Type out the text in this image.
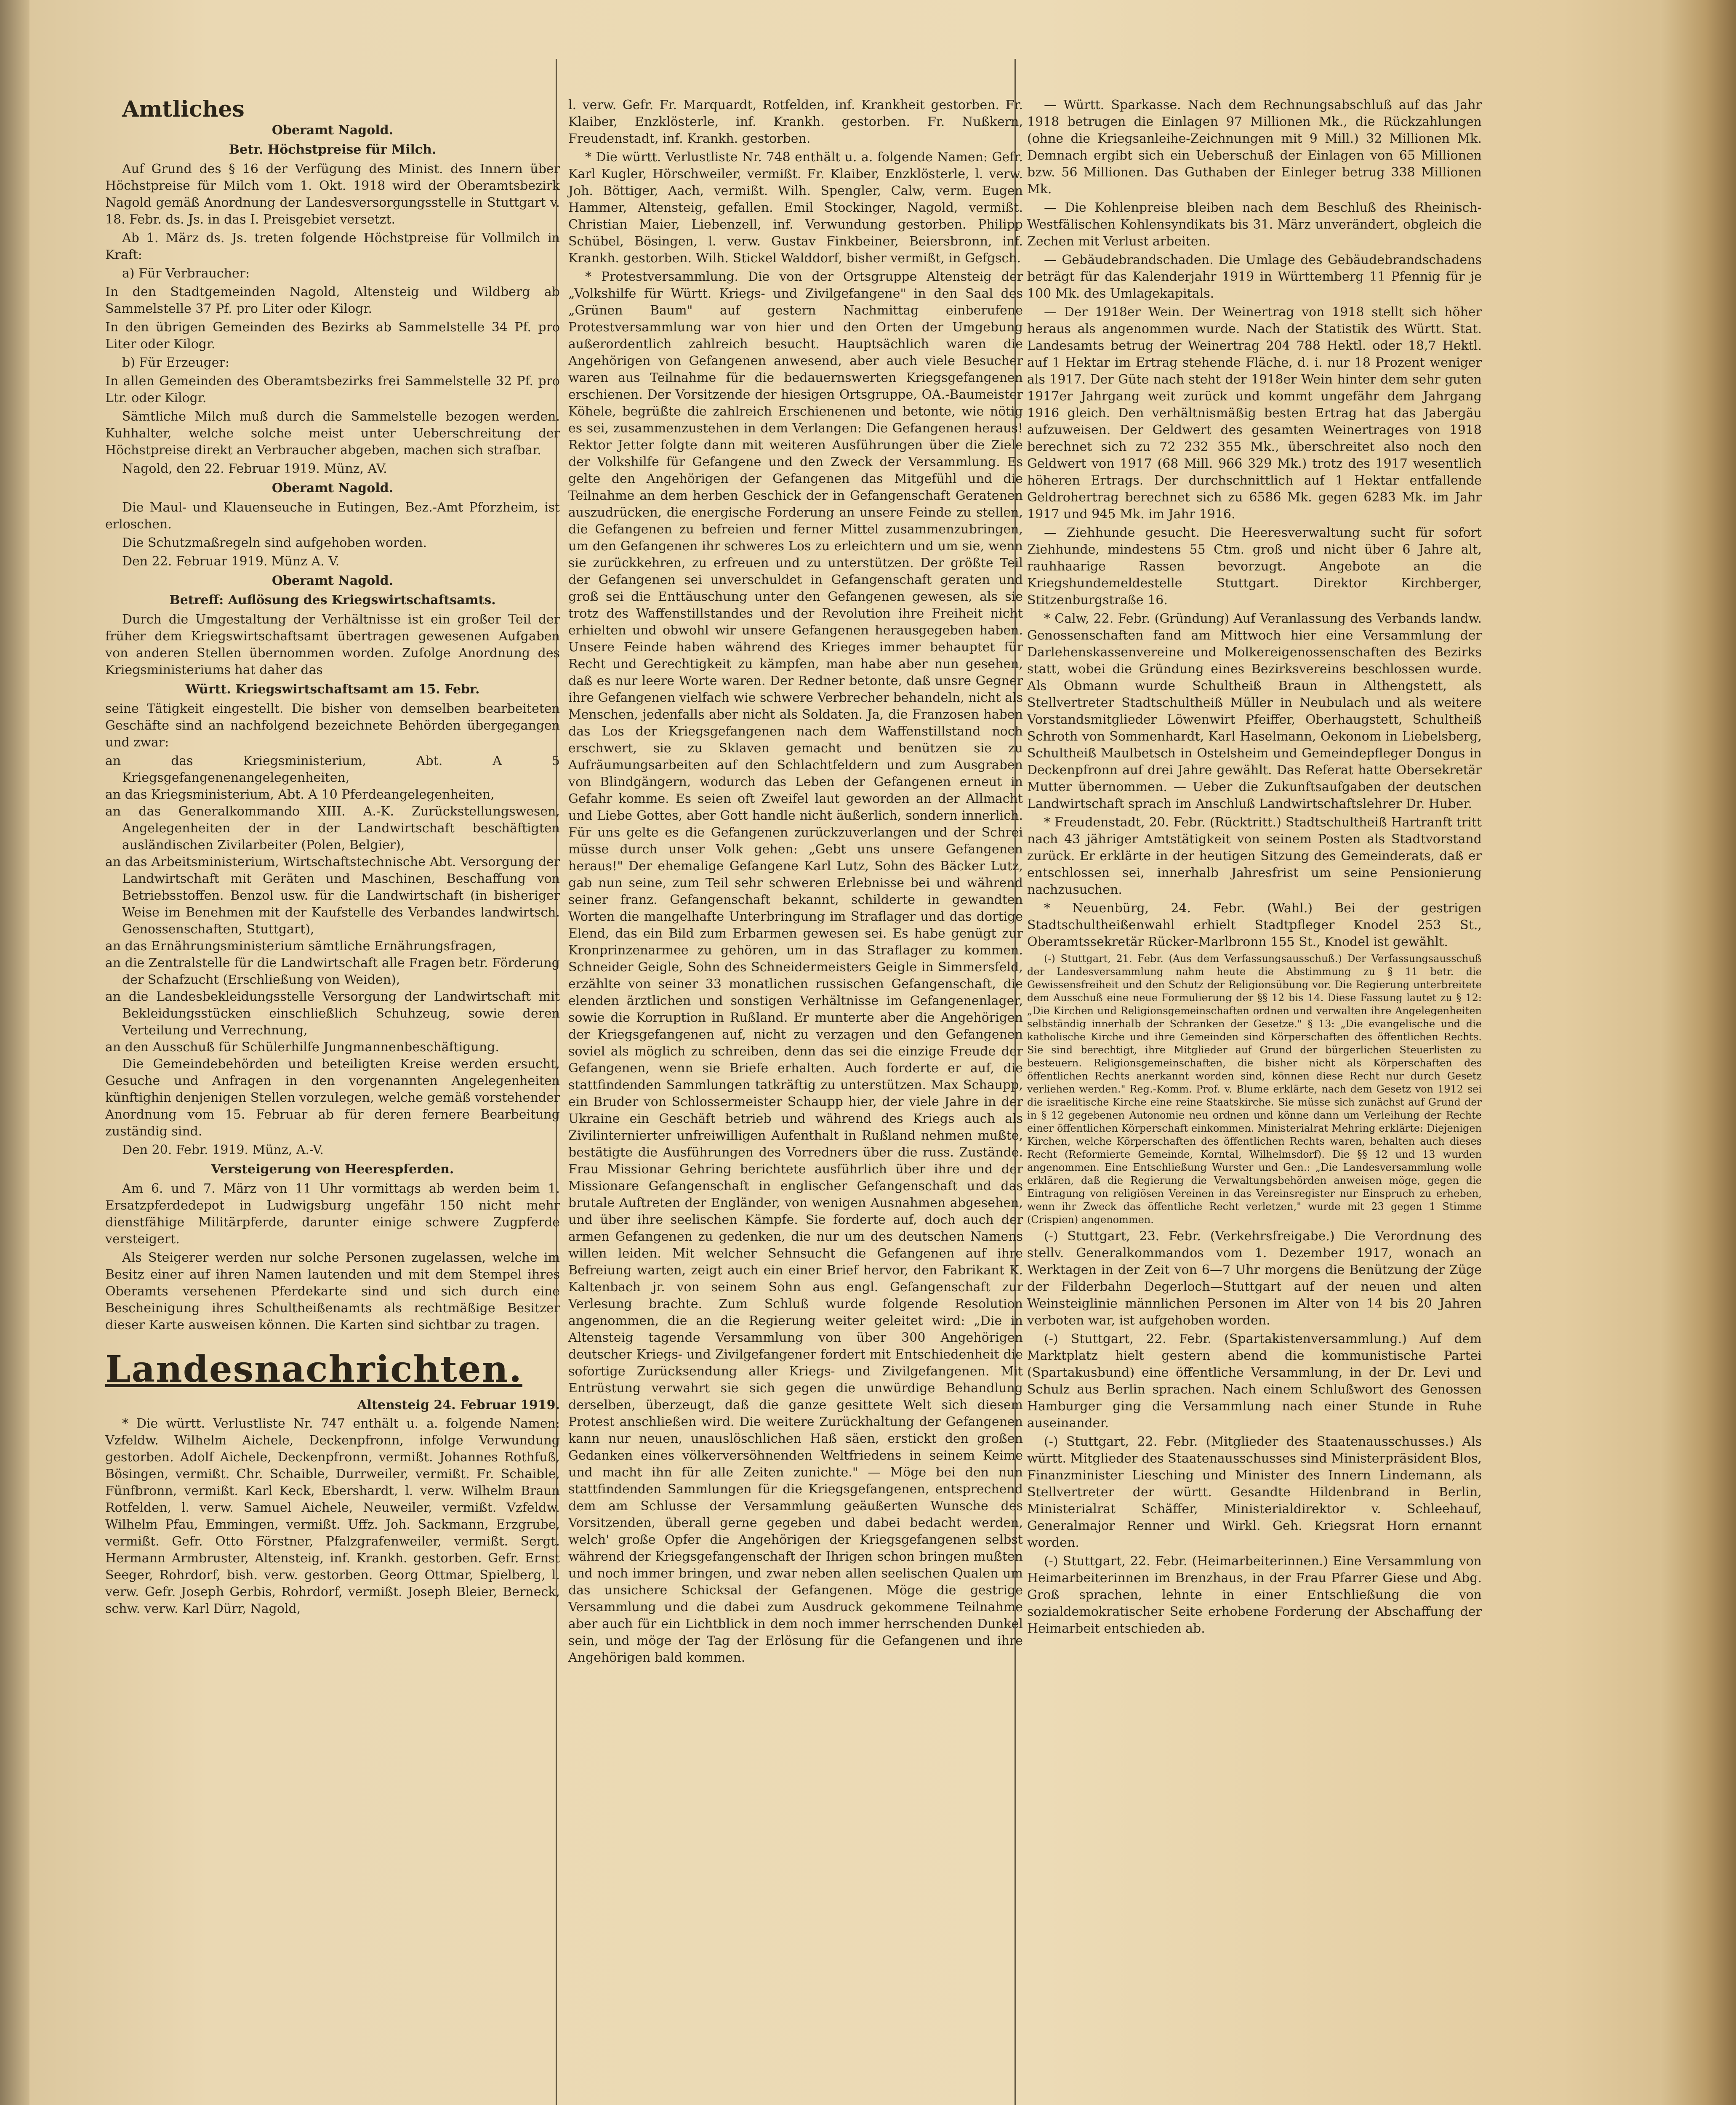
Amtliches
Oberamt Nagold.
Betr. Höchstpreise für Milch.

Auf Grund des § 16 der Verfügung des Minist. des Innern über Höchstpreise für Milch vom 1. Okt. 1918 wird der Oberamtsbezirk Nagold gemäß Anordnung der Landesversorgungsstelle in Stuttgart v. 18. Febr. ds. Js. in das I. Preisgebiet versetzt.

Ab 1. März ds. Js. treten folgende Höchstpreise für Vollmilch in Kraft:

a) Für Verbraucher:

In den Stadtgemeinden Nagold, Altensteig und Wildberg ab Sammelstelle 37 Pf. pro Liter oder Kilogr.

In den übrigen Gemeinden des Bezirks ab Sammelstelle 34 Pf. pro Liter oder Kilogr.

b) Für Erzeuger:

In allen Gemeinden des Oberamtsbezirks frei Sammelstelle 32 Pf. pro Ltr. oder Kilogr.

Sämtliche Milch muß durch die Sammelstelle bezogen werden. Kuhhalter, welche solche meist unter Ueberschreitung der Höchstpreise direkt an Verbraucher abgeben, machen sich strafbar.

Nagold, den 22. Februar 1919. Münz, AV.

Oberamt Nagold.

Die Maul- und Klauenseuche in Eutingen, Bez.-Amt Pforzheim, ist erloschen.

Die Schutzmaßregeln sind aufgehoben worden.

Den 22. Februar 1919. Münz A. V.

Oberamt Nagold.
Betreff: Auflösung des Kriegswirtschaftsamts.

Durch die Umgestaltung der Verhältnisse ist ein großer Teil der früher dem Kriegswirtschaftsamt übertragen gewesenen Aufgaben von anderen Stellen übernommen worden. Zufolge Anordnung des Kriegsministeriums hat daher das

Württ. Kriegswirtschaftsamt am 15. Febr.

seine Tätigkeit eingestellt. Die bisher von demselben bearbeiteten Geschäfte sind an nachfolgend bezeichnete Behörden übergegangen und zwar:

an das Kriegsministerium, Abt. A 5 Kriegsgefangenenangelegenheiten,

an das Kriegsministerium, Abt. A 10 Pferdeangelegenheiten,

an das Generalkommando XIII. A.-K. Zurückstellungswesen, Angelegenheiten der in der Landwirtschaft beschäftigten ausländischen Zivilarbeiter (Polen, Belgier),

an das Arbeitsministerium, Wirtschaftstechnische Abt. Versorgung der Landwirtschaft mit Geräten und Maschinen, Beschaffung von Betriebsstoffen. Benzol usw. für die Landwirtschaft (in bisheriger Weise im Benehmen mit der Kaufstelle des Verbandes landwirtsch. Genossenschaften, Stuttgart),

an das Ernährungsministerium sämtliche Ernährungsfragen,

an die Zentralstelle für die Landwirtschaft alle Fragen betr. Förderung der Schafzucht (Erschließung von Weiden),

an die Landesbekleidungsstelle Versorgung der Landwirtschaft mit Bekleidungsstücken einschließlich Schuhzeug, sowie deren Verteilung und Verrechnung,

an den Ausschuß für Schülerhilfe Jungmannenbeschäftigung.

Die Gemeindebehörden und beteiligten Kreise werden ersucht, Gesuche und Anfragen in den vorgenannten Angelegenheiten künftighin denjenigen Stellen vorzulegen, welche gemäß vorstehender Anordnung vom 15. Februar ab für deren fernere Bearbeitung zuständig sind.

Den 20. Febr. 1919. Münz, A.-V.

Versteigerung von Heerespferden.

Am 6. und 7. März von 11 Uhr vormittags ab werden beim 1. Ersatzpferdedepot in Ludwigsburg ungefähr 150 nicht mehr dienstfähige Militärpferde, darunter einige schwere Zugpferde versteigert.

Als Steigerer werden nur solche Personen zugelassen, welche im Besitz einer auf ihren Namen lautenden und mit dem Stempel ihres Oberamts versehenen Pferdekarte sind und sich durch eine Bescheinigung ihres Schultheißenamts als rechtmäßige Besitzer dieser Karte ausweisen können. Die Karten sind sichtbar zu tragen.

Landesnachrichten.
Altensteig 24. Februar 1919.

* Die württ. Verlustliste Nr. 747 enthält u. a. folgende Namen: Vzfeldw. Wilhelm Aichele, Deckenpfronn, infolge Verwundung gestorben. Adolf Aichele, Deckenpfronn, vermißt. Johannes Rothfuß, Bösingen, vermißt. Chr. Schaible, Durrweiler, vermißt. Fr. Schaible, Fünfbronn, vermißt. Karl Keck, Ebershardt, l. verw. Wilhelm Braun Rotfelden, l. verw. Samuel Aichele, Neuweiler, vermißt. Vzfeldw. Wilhelm Pfau, Emmingen, vermißt. Uffz. Joh. Sackmann, Erzgrube, vermißt. Gefr. Otto Förstner, Pfalzgrafenweiler, vermißt. Sergt. Hermann Armbruster, Altensteig, inf. Krankh. gestorben. Gefr. Ernst Seeger, Rohrdorf, bish. verw. gestorben. Georg Ottmar, Spielberg, l. verw. Gefr. Joseph Gerbis, Rohrdorf, vermißt. Joseph Bleier, Berneck, schw. verw. Karl Dürr, Nagold,

l. verw. Gefr. Fr. Marquardt, Rotfelden, inf. Krankheit gestorben. Fr. Klaiber, Enzklösterle, inf. Krankh. gestorben. Fr. Nußkern, Freudenstadt, inf. Krankh. gestorben.

* Die württ. Verlustliste Nr. 748 enthält u. a. folgende Namen: Gefr. Karl Kugler, Hörschweiler, vermißt. Fr. Klaiber, Enzklösterle, l. verw. Joh. Böttiger, Aach, vermißt. Wilh. Spengler, Calw, verm. Eugen Hammer, Altensteig, gefallen. Emil Stockinger, Nagold, vermißt. Christian Maier, Liebenzell, inf. Verwundung gestorben. Philipp Schübel, Bösingen, l. verw. Gustav Finkbeiner, Beiersbronn, inf. Krankh. gestorben. Wilh. Stickel Walddorf, bisher vermißt, in Gefgsch.

* Protestversammlung. Die von der Ortsgruppe Altensteig der „Volkshilfe für Württ. Kriegs- und Zivilgefangene" in den Saal des „Grünen Baum" auf gestern Nachmittag einberufene Protestversammlung war von hier und den Orten der Umgebung außerordentlich zahlreich besucht. Hauptsächlich waren die Angehörigen von Gefangenen anwesend, aber auch viele Besucher waren aus Teilnahme für die bedauernswerten Kriegsgefangenen erschienen. Der Vorsitzende der hiesigen Ortsgruppe, OA.-Baumeister Köhele, begrüßte die zahlreich Erschienenen und betonte, wie nötig es sei, zusammenzustehen in dem Verlangen: Die Gefangenen heraus! Rektor Jetter folgte dann mit weiteren Ausführungen über die Ziele der Volkshilfe für Gefangene und den Zweck der Versammlung. Es gelte den Angehörigen der Gefangenen das Mitgefühl und die Teilnahme an dem herben Geschick der in Gefangenschaft Geratenen auszudrücken, die energische Forderung an unsere Feinde zu stellen, die Gefangenen zu befreien und ferner Mittel zusammenzubringen, um den Gefangenen ihr schweres Los zu erleichtern und um sie, wenn sie zurückkehren, zu erfreuen und zu unterstützen. Der größte Teil der Gefangenen sei unverschuldet in Gefangenschaft geraten und groß sei die Enttäuschung unter den Gefangenen gewesen, als sie trotz des Waffenstillstandes und der Revolution ihre Freiheit nicht erhielten und obwohl wir unsere Gefangenen herausgegeben haben. Unsere Feinde haben während des Krieges immer behauptet für Recht und Gerechtigkeit zu kämpfen, man habe aber nun gesehen, daß es nur leere Worte waren. Der Redner betonte, daß unsre Gegner ihre Gefangenen vielfach wie schwere Verbrecher behandeln, nicht als Menschen, jedenfalls aber nicht als Soldaten. Ja, die Franzosen haben das Los der Kriegsgefangenen nach dem Waffenstillstand noch erschwert, sie zu Sklaven gemacht und benützen sie zu Aufräumungsarbeiten auf den Schlachtfeldern und zum Ausgraben von Blindgängern, wodurch das Leben der Gefangenen erneut in Gefahr komme. Es seien oft Zweifel laut geworden an der Allmacht und Liebe Gottes, aber Gott handle nicht äußerlich, sondern innerlich. Für uns gelte es die Gefangenen zurückzuverlangen und der Schrei müsse durch unser Volk gehen: „Gebt uns unsere Gefangenen heraus!" Der ehemalige Gefangene Karl Lutz, Sohn des Bäcker Lutz, gab nun seine, zum Teil sehr schweren Erlebnisse bei und während seiner franz. Gefangenschaft bekannt, schilderte in gewandten Worten die mangelhafte Unterbringung im Straflager und das dortige Elend, das ein Bild zum Erbarmen gewesen sei. Es habe genügt zur Kronprinzenarmee zu gehören, um in das Straflager zu kommen. Schneider Geigle, Sohn des Schneidermeisters Geigle in Simmersfeld, erzählte von seiner 33 monatlichen russischen Gefangenschaft, die elenden ärztlichen und sonstigen Verhältnisse im Gefangenenlager, sowie die Korruption in Rußland. Er munterte aber die Angehörigen der Kriegsgefangenen auf, nicht zu verzagen und den Gefangenen soviel als möglich zu schreiben, denn das sei die einzige Freude der Gefangenen, wenn sie Briefe erhalten. Auch forderte er auf, die stattfindenden Sammlungen tatkräftig zu unterstützen. Max Schaupp, ein Bruder von Schlossermeister Schaupp hier, der viele Jahre in der Ukraine ein Geschäft betrieb und während des Kriegs auch als Zivilinternierter unfreiwilligen Aufenthalt in Rußland nehmen mußte, bestätigte die Ausführungen des Vorredners über die russ. Zustände. Frau Missionar Gehring berichtete ausführlich über ihre und der Missionare Gefangenschaft in englischer Gefangenschaft und das brutale Auftreten der Engländer, von wenigen Ausnahmen abgesehen, und über ihre seelischen Kämpfe. Sie forderte auf, doch auch der armen Gefangenen zu gedenken, die nur um des deutschen Namens willen leiden. Mit welcher Sehnsucht die Gefangenen auf ihre Befreiung warten, zeigt auch ein einer Brief hervor, den Fabrikant K. Kaltenbach jr. von seinem Sohn aus engl. Gefangenschaft zur Verlesung brachte. Zum Schluß wurde folgende Resolution angenommen, die an die Regierung weiter geleitet wird: „Die in Altensteig tagende Versammlung von über 300 Angehörigen deutscher Kriegs- und Zivilgefangener fordert mit Entschiedenheit die sofortige Zurücksendung aller Kriegs- und Zivilgefangenen. Mit Entrüstung verwahrt sie sich gegen die unwürdige Behandlung derselben, überzeugt, daß die ganze gesittete Welt sich diesem Protest anschließen wird. Die weitere Zurückhaltung der Gefangenen kann nur neuen, unauslöschlichen Haß säen, erstickt den großen Gedanken eines völkerversöhnenden Weltfriedens in seinem Keime und macht ihn für alle Zeiten zunichte." — Möge bei den nun stattfindenden Sammlungen für die Kriegsgefangenen, entsprechend dem am Schlusse der Versammlung geäußerten Wunsche des Vorsitzenden, überall gerne gegeben und dabei bedacht werden, welch' große Opfer die Angehörigen der Kriegsgefangenen selbst während der Kriegsgefangenschaft der Ihrigen schon bringen mußten und noch immer bringen, und zwar neben allen seelischen Qualen um das unsichere Schicksal der Gefangenen. Möge die gestrige Versammlung und die dabei zum Ausdruck gekommene Teilnahme aber auch für ein Lichtblick in dem noch immer herrschenden Dunkel sein, und möge der Tag der Erlösung für die Gefangenen und ihre Angehörigen bald kommen.

— Württ. Sparkasse. Nach dem Rechnungsabschluß auf das Jahr 1918 betrugen die Einlagen 97 Millionen Mk., die Rückzahlungen (ohne die Kriegsanleihe-Zeichnungen mit 9 Mill.) 32 Millionen Mk. Demnach ergibt sich ein Ueberschuß der Einlagen von 65 Millionen bzw. 56 Millionen. Das Guthaben der Einleger betrug 338 Millionen Mk.

— Die Kohlenpreise bleiben nach dem Beschluß des Rheinisch-Westfälischen Kohlensyndikats bis 31. März unverändert, obgleich die Zechen mit Verlust arbeiten.

— Gebäudebrandschaden. Die Umlage des Gebäudebrandschadens beträgt für das Kalenderjahr 1919 in Württemberg 11 Pfennig für je 100 Mk. des Umlagekapitals.

— Der 1918er Wein. Der Weinertrag von 1918 stellt sich höher heraus als angenommen wurde. Nach der Statistik des Württ. Stat. Landesamts betrug der Weinertrag 204 788 Hektl. oder 18,7 Hektl. auf 1 Hektar im Ertrag stehende Fläche, d. i. nur 18 Prozent weniger als 1917. Der Güte nach steht der 1918er Wein hinter dem sehr guten 1917er Jahrgang weit zurück und kommt ungefähr dem Jahrgang 1916 gleich. Den verhältnismäßig besten Ertrag hat das Jabergäu aufzuweisen. Der Geldwert des gesamten Weinertrages von 1918 berechnet sich zu 72 232 355 Mk., überschreitet also noch den Geldwert von 1917 (68 Mill. 966 329 Mk.) trotz des 1917 wesentlich höheren Ertrags. Der durchschnittlich auf 1 Hektar entfallende Geldrohertrag berechnet sich zu 6586 Mk. gegen 6283 Mk. im Jahr 1917 und 945 Mk. im Jahr 1916.

— Ziehhunde gesucht. Die Heeresverwaltung sucht für sofort Ziehhunde, mindestens 55 Ctm. groß und nicht über 6 Jahre alt, rauhhaarige Rassen bevorzugt. Angebote an die Kriegshundemeldestelle Stuttgart. Direktor Kirchberger, Stitzenburgstraße 16.

* Calw, 22. Febr. (Gründung) Auf Veranlassung des Verbands landw. Genossenschaften fand am Mittwoch hier eine Versammlung der Darlehenskassenvereine und Molkereigenossenschaften des Bezirks statt, wobei die Gründung eines Bezirksvereins beschlossen wurde. Als Obmann wurde Schultheiß Braun in Althengstett, als Stellvertreter Stadtschultheiß Müller in Neubulach und als weitere Vorstandsmitglieder Löwenwirt Pfeiffer, Oberhaugstett, Schultheiß Schroth von Sommenhardt, Karl Haselmann, Oekonom in Liebelsberg, Schultheiß Maulbetsch in Ostelsheim und Gemeindepfleger Dongus in Deckenpfronn auf drei Jahre gewählt. Das Referat hatte Obersekretär Mutter übernommen. — Ueber die Zukunftsaufgaben der deutschen Landwirtschaft sprach im Anschluß Landwirtschaftslehrer Dr. Huber.

* Freudenstadt, 20. Febr. (Rücktritt.) Stadtschultheiß Hartranft tritt nach 43 jähriger Amtstätigkeit von seinem Posten als Stadtvorstand zurück. Er erklärte in der heutigen Sitzung des Gemeinderats, daß er entschlossen sei, innerhalb Jahresfrist um seine Pensionierung nachzusuchen.

* Neuenbürg, 24. Febr. (Wahl.) Bei der gestrigen Stadtschultheißenwahl erhielt Stadtpfleger Knodel 253 St., Oberamtssekretär Rücker-Marlbronn 155 St., Knodel ist gewählt.

(-) Stuttgart, 21. Febr. (Aus dem Verfassungsausschuß.) Der Verfassungsausschuß der Landesversammlung nahm heute die Abstimmung zu § 11 betr. die Gewissensfreiheit und den Schutz der Religionsübung vor. Die Regierung unterbreitete dem Ausschuß eine neue Formulierung der §§ 12 bis 14. Diese Fassung lautet zu § 12: „Die Kirchen und Religionsgemeinschaften ordnen und verwalten ihre Angelegenheiten selbständig innerhalb der Schranken der Gesetze." § 13: „Die evangelische und die katholische Kirche und ihre Gemeinden sind Körperschaften des öffentlichen Rechts. Sie sind berechtigt, ihre Mitglieder auf Grund der bürgerlichen Steuerlisten zu besteuern. Religionsgemeinschaften, die bisher nicht als Körperschaften des öffentlichen Rechts anerkannt worden sind, können diese Recht nur durch Gesetz verliehen werden." Reg.-Komm. Prof. v. Blume erklärte, nach dem Gesetz von 1912 sei die israelitische Kirche eine reine Staatskirche. Sie müsse sich zunächst auf Grund der in § 12 gegebenen Autonomie neu ordnen und könne dann um Verleihung der Rechte einer öffentlichen Körperschaft einkommen. Ministerialrat Mehring erklärte: Diejenigen Kirchen, welche Körperschaften des öffentlichen Rechts waren, behalten auch dieses Recht (Reformierte Gemeinde, Korntal, Wilhelmsdorf). Die §§ 12 und 13 wurden angenommen. Eine Entschließung Wurster und Gen.: „Die Landesversammlung wolle erklären, daß die Regierung die Verwaltungsbehörden anweisen möge, gegen die Eintragung von religiösen Vereinen in das Vereinsregister nur Einspruch zu erheben, wenn ihr Zweck das öffentliche Recht verletzen," wurde mit 23 gegen 1 Stimme (Crispien) angenommen.

(-) Stuttgart, 23. Febr. (Verkehrsfreigabe.) Die Verordnung des stellv. Generalkommandos vom 1. Dezember 1917, wonach an Werktagen in der Zeit von 6—7 Uhr morgens die Benützung der Züge der Filderbahn Degerloch—Stuttgart auf der neuen und alten Weinsteiglinie männlichen Personen im Alter von 14 bis 20 Jahren verboten war, ist aufgehoben worden.

(-) Stuttgart, 22. Febr. (Spartakistenversammlung.) Auf dem Marktplatz hielt gestern abend die kommunistische Partei (Spartakusbund) eine öffentliche Versammlung, in der Dr. Levi und Schulz aus Berlin sprachen. Nach einem Schlußwort des Genossen Hamburger ging die Versammlung nach einer Stunde in Ruhe auseinander.

(-) Stuttgart, 22. Febr. (Mitglieder des Staatenausschusses.) Als württ. Mitglieder des Staatenausschusses sind Ministerpräsident Blos, Finanzminister Liesching und Minister des Innern Lindemann, als Stellvertreter der württ. Gesandte Hildenbrand in Berlin, Ministerialrat Schäffer, Ministerialdirektor v. Schleehauf, Generalmajor Renner und Wirkl. Geh. Kriegsrat Horn ernannt worden.

(-) Stuttgart, 22. Febr. (Heimarbeiterinnen.) Eine Versammlung von Heimarbeiterinnen im Brenzhaus, in der Frau Pfarrer Giese und Abg. Groß sprachen, lehnte in einer Entschließung die von sozialdemokratischer Seite erhobene Forderung der Abschaffung der Heimarbeit entschieden ab.
